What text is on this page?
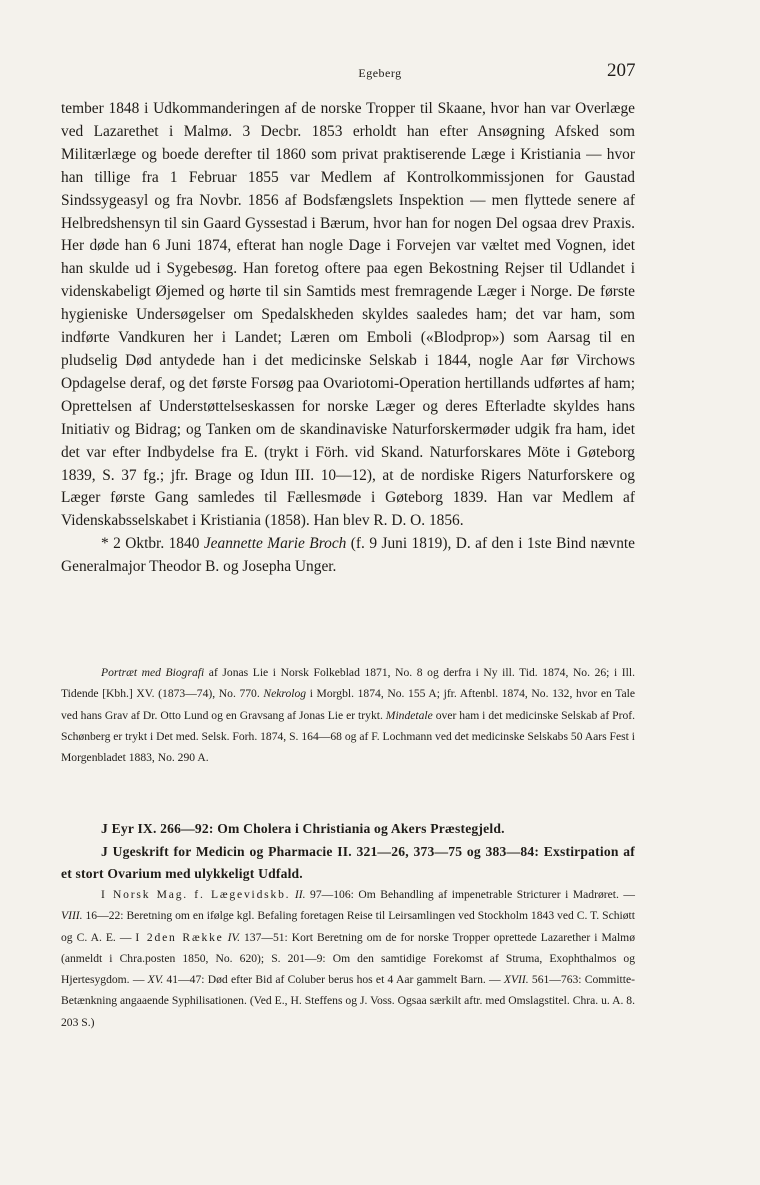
Egeberg	207

tember 1848 i Udkommanderingen af de norske Tropper til Skaane, hvor han var Overlæge ved Lazarethet i Malmø. 3 Decbr. 1853 erholdt han efter Ansøgning Afsked som Militærlæge og boede derefter til 1860 som privat praktiserende Læge i Kristiania — hvor han tillige fra 1 Februar 1855 var Medlem af Kontrolkommissjonen for Gaustad Sindssygeasyl og fra Novbr. 1856 af Bodsfængslets Inspektion — men flyttede senere af Helbredshensyn til sin Gaard Gyssestad i Bærum, hvor han for nogen Del ogsaa drev Praxis. Her døde han 6 Juni 1874, efterat han nogle Dage i Forvejen var væltet med Vognen, idet han skulde ud i Sygebesøg. Han foretog oftere paa egen Bekostning Rejser til Udlandet i videnskabeligt Øjemed og hørte til sin Samtids mest fremragende Læger i Norge. De første hygieniske Undersøgelser om Spedalskheden skyldes saaledes ham; det var ham, som indførte Vandkuren her i Landet; Læren om Emboli («Blodprop») som Aarsag til en pludselig Død antydede han i det medicinske Selskab i 1844, nogle Aar før Virchows Opdagelse deraf, og det første Forsøg paa Ovariotomi-Operation hertillands udførtes af ham; Oprettelsen af Understøttelseskassen for norske Læger og deres Efterladte skyldes hans Initiativ og Bidrag; og Tanken om de skandinaviske Naturforskermøder udgik fra ham, idet det var efter Indbydelse fra E. (trykt i Förh. vid Skand. Naturforskares Möte i Gøteborg 1839, S. 37 fg.; jfr. Brage og Idun III. 10—12), at de nordiske Rigers Naturforskere og Læger første Gang samledes til Fællesmøde i Gøteborg 1839. Han var Medlem af Videnskabsselskabet i Kristiania (1858). Han blev R. D. O. 1856.

* 2 Oktbr. 1840 Jeannette Marie Broch (f. 9 Juni 1819), D. af den i 1ste Bind nævnte Generalmajor Theodor B. og Josepha Unger.

Portræt med Biografi af Jonas Lie i Norsk Folkeblad 1871, No. 8 og derfra i Ny ill. Tid. 1874, No. 26; i Ill. Tidende [Kbh.] XV. (1873—74), No. 770. Nekrolog i Morgbl. 1874, No. 155 A; jfr. Aftenbl. 1874, No. 132, hvor en Tale ved hans Grav af Dr. Otto Lund og en Gravsang af Jonas Lie er trykt. Mindetale over ham i det medicinske Selskab af Prof. Schønberg er trykt i Det med. Selsk. Forh. 1874, S. 164—68 og af F. Lochmann ved det medicinske Selskabs 50 Aars Fest i Morgenbladet 1883, No. 290 A.

J Eyr IX. 266—92: Om Cholera i Christiania og Akers Præstegjeld.

J Ugeskrift for Medicin og Pharmacie II. 321—26, 373—75 og 383—84: Exstirpation af et stort Ovarium med ulykkeligt Udfald.

I Norsk Mag. f. Lægevidskb. II. 97—106: Om Behandling af impenetrable Stricturer i Madrøret. — VIII. 16—22: Beretning om en ifølge kgl. Befaling foretagen Reise til Leirsamlingen ved Stockholm 1843 ved C. T. Schiøtt og C. A. E. — I 2den Række IV. 137—51: Kort Beretning om de for norske Tropper oprettede Lazarether i Malmø (anmeldt i Chra.posten 1850, No. 620); S. 201—9: Om den samtidige Forekomst af Struma, Exophthalmos og Hjertesygdom. — XV. 41—47: Død efter Bid af Coluber berus hos et 4 Aar gammelt Barn. — XVII. 561—763: Committe-Betænkning angaaende Syphilisationen. (Ved E., H. Steffens og J. Voss. Ogsaa særkilt aftr. med Omslagstitel. Chra. u. A. 8. 203 S.)
